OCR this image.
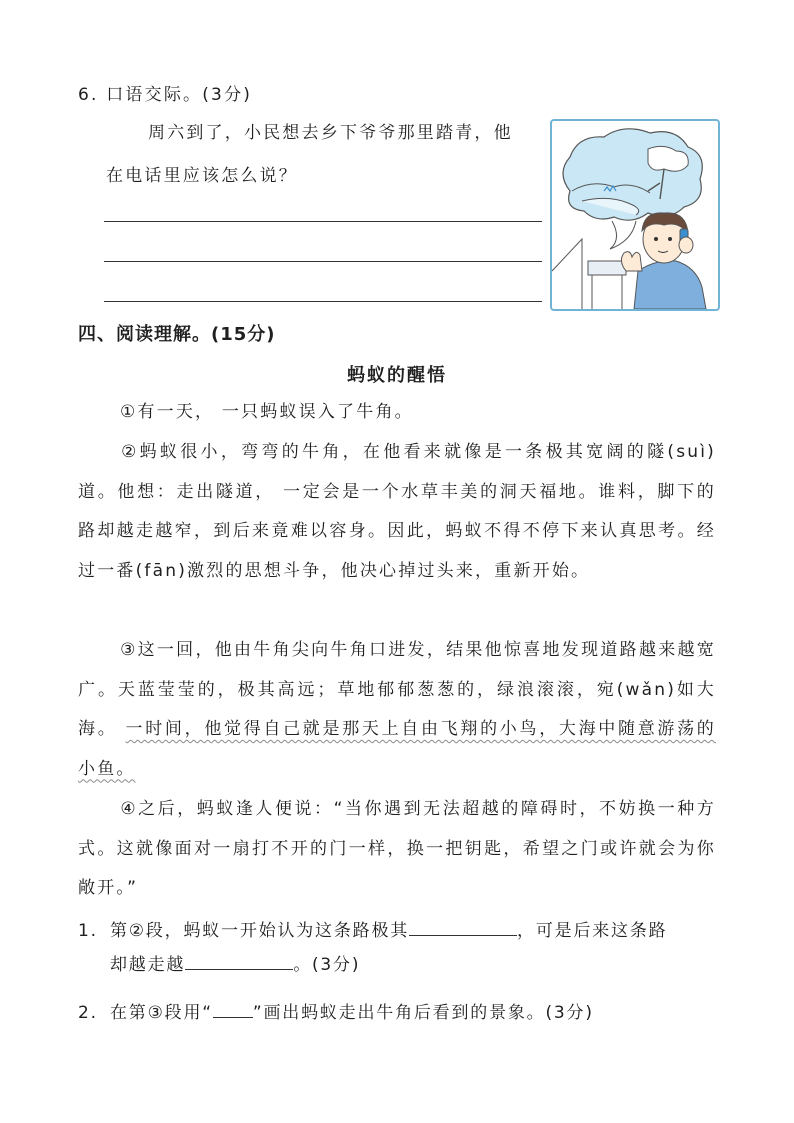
6. 口语交际。(3分)
周六到了，小民想去乡下爷爷那里踏青，他
在电话里应该怎么说？
四、阅读理解。(15分)
蚂蚁的醒悟
①有一天， 一只蚂蚁误入了牛角。
②蚂蚁很小，弯弯的牛角，在他看来就像是一条极其宽阔的隧(suì)道。他想：走出隧道， 一定会是一个水草丰美的洞天福地。谁料，脚下的路却越走越窄，到后来竟难以容身。因此，蚂蚁不得不停下来认真思考。经过一番(fān)激烈的思想斗争，他决心掉过头来，重新开始。
③这一回，他由牛角尖向牛角口进发，结果他惊喜地发现道路越来越宽广。天蓝莹莹的，极其高远；草地郁郁葱葱的，绿浪滚滚，宛(wǎn)如大海。 一时间，他觉得自己就是那天上自由飞翔的小鸟，大海中随意游荡的小鱼。
④之后，蚂蚁逢人便说：“当你遇到无法超越的障碍时，不妨换一种方式。这就像面对一扇打不开的门一样，换一把钥匙，希望之门或许就会为你敞开。”
1. 第②段，蚂蚁一开始认为这条路极其	，可是后来这条路
却越走越	。(3分)
2. 在第③段用“ ”画出蚂蚁走出牛角后看到的景象。(3分)
